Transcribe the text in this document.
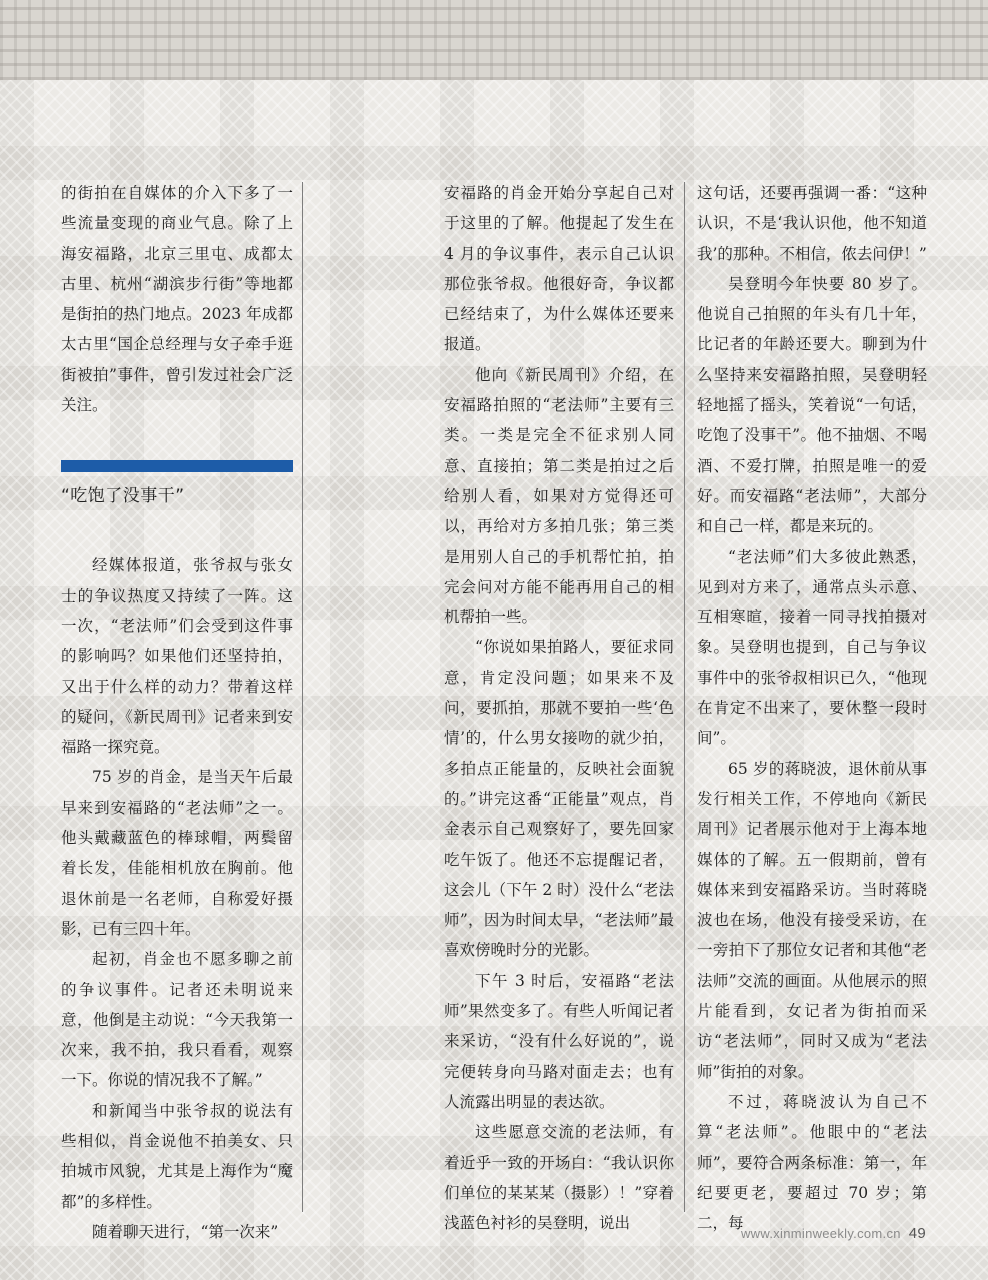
的街拍在自媒体的介入下多了一些流量变现的商业气息。除了上海安福路，北京三里屯、成都太古里、杭州“湖滨步行街”等地都是街拍的热门地点。2023 年成都太古里“国企总经理与女子牵手逛街被拍”事件，曾引发过社会广泛关注。

“吃饱了没事干”

经媒体报道，张爷叔与张女士的争议热度又持续了一阵。这一次，“老法师”们会受到这件事的影响吗？如果他们还坚持拍，又出于什么样的动力？带着这样的疑问，《新民周刊》记者来到安福路一探究竟。

75 岁的肖金，是当天午后最早来到安福路的“老法师”之一。他头戴藏蓝色的棒球帽，两鬓留着长发，佳能相机放在胸前。他退休前是一名老师，自称爱好摄影，已有三四十年。

起初，肖金也不愿多聊之前的争议事件。记者还未明说来意，他倒是主动说：“今天我第一次来，我不拍，我只看看，观察一下。你说的情况我不了解。”

和新闻当中张爷叔的说法有些相似，肖金说他不拍美女、只拍城市风貌，尤其是上海作为“魔都”的多样性。

随着聊天进行，“第一次来”

安福路的肖金开始分享起自己对于这里的了解。他提起了发生在 4 月的争议事件，表示自己认识那位张爷叔。他很好奇，争议都已经结束了，为什么媒体还要来报道。

他向《新民周刊》介绍，在安福路拍照的“老法师”主要有三类。一类是完全不征求别人同意、直接拍；第二类是拍过之后给别人看，如果对方觉得还可以，再给对方多拍几张；第三类是用别人自己的手机帮忙拍，拍完会问对方能不能再用自己的相机帮拍一些。

“你说如果拍路人，要征求同意，肯定没问题；如果来不及问，要抓拍，那就不要拍一些‘色情’的，什么男女接吻的就少拍，多拍点正能量的，反映社会面貌的。”讲完这番“正能量”观点，肖金表示自己观察好了，要先回家吃午饭了。他还不忘提醒记者，这会儿（下午 2 时）没什么“老法师”，因为时间太早，“老法师”最喜欢傍晚时分的光影。

下午 3 时后，安福路“老法师”果然变多了。有些人听闻记者来采访，“没有什么好说的”，说完便转身向马路对面走去；也有人流露出明显的表达欲。

这些愿意交流的老法师，有着近乎一致的开场白：“我认识你们单位的某某某（摄影）！”穿着浅蓝色衬衫的吴登明，说出

这句话，还要再强调一番：“这种认识，不是‘我认识他，他不知道我’的那种。不相信，侬去问伊！”

吴登明今年快要 80 岁了。他说自己拍照的年头有几十年，比记者的年龄还要大。聊到为什么坚持来安福路拍照，吴登明轻轻地摇了摇头，笑着说“一句话，吃饱了没事干”。他不抽烟、不喝酒、不爱打牌，拍照是唯一的爱好。而安福路“老法师”，大部分和自己一样，都是来玩的。

“老法师”们大多彼此熟悉，见到对方来了，通常点头示意、互相寒暄，接着一同寻找拍摄对象。吴登明也提到，自己与争议事件中的张爷叔相识已久，“他现在肯定不出来了，要休整一段时间”。

65 岁的蒋晓波，退休前从事发行相关工作，不停地向《新民周刊》记者展示他对于上海本地媒体的了解。五一假期前，曾有媒体来到安福路采访。当时蒋晓波也在场，他没有接受采访，在一旁拍下了那位女记者和其他“老法师”交流的画面。从他展示的照片能看到，女记者为街拍而采访“老法师”，同时又成为“老法师”街拍的对象。

不过，蒋晓波认为自己不算“老法师”。他眼中的“老法师”，要符合两条标准：第一，年纪要更老，要超过 70 岁；第二，每

www.xinminweekly.com.cn 49
